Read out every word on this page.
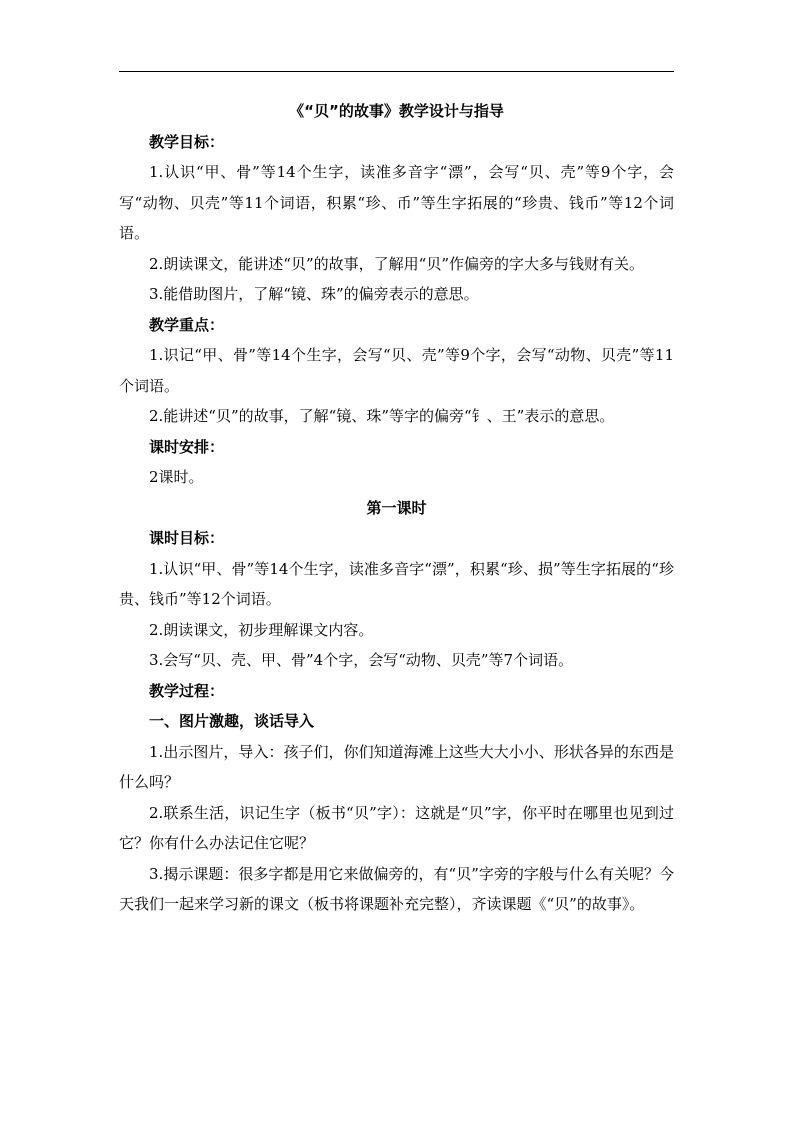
《“贝”的故事》教学设计与指导

教学目标：

1.认识“甲、骨”等14个生字，读准多音字“漂”，会写“贝、壳”等9个字，会写“动物、贝壳”等11个词语，积累“珍、币”等生字拓展的“珍贵、钱币”等12个词语。

2.朗读课文，能讲述“贝”的故事，了解用“贝”作偏旁的字大多与钱财有关。

3.能借助图片，了解“镜、珠”的偏旁表示的意思。

教学重点：

1.识记“甲、骨”等14个生字，会写“贝、壳”等9个字，会写“动物、贝壳”等11个词语。

2.能讲述“贝”的故事，了解“镜、珠”等字的偏旁“钅、王”表示的意思。

课时安排：

2课时。

第一课时

课时目标：

1.认识“甲、骨”等14个生字，读准多音字“漂”，积累“珍、损”等生字拓展的“珍贵、钱币”等12个词语。

2.朗读课文，初步理解课文内容。

3.会写“贝、壳、甲、骨”4个字，会写“动物、贝壳”等7个词语。

教学过程：

一、图片激趣，谈话导入

1.出示图片，导入：孩子们，你们知道海滩上这些大大小小、形状各异的东西是什么吗？

2.联系生活，识记生字（板书“贝”字）：这就是“贝”字，你平时在哪里也见到过它？你有什么办法记住它呢？

3.揭示课题：很多字都是用它来做偏旁的，有“贝”字旁的字般与什么有关呢？今天我们一起来学习新的课文（板书将课题补充完整），齐读课题《“贝”的故事》。
